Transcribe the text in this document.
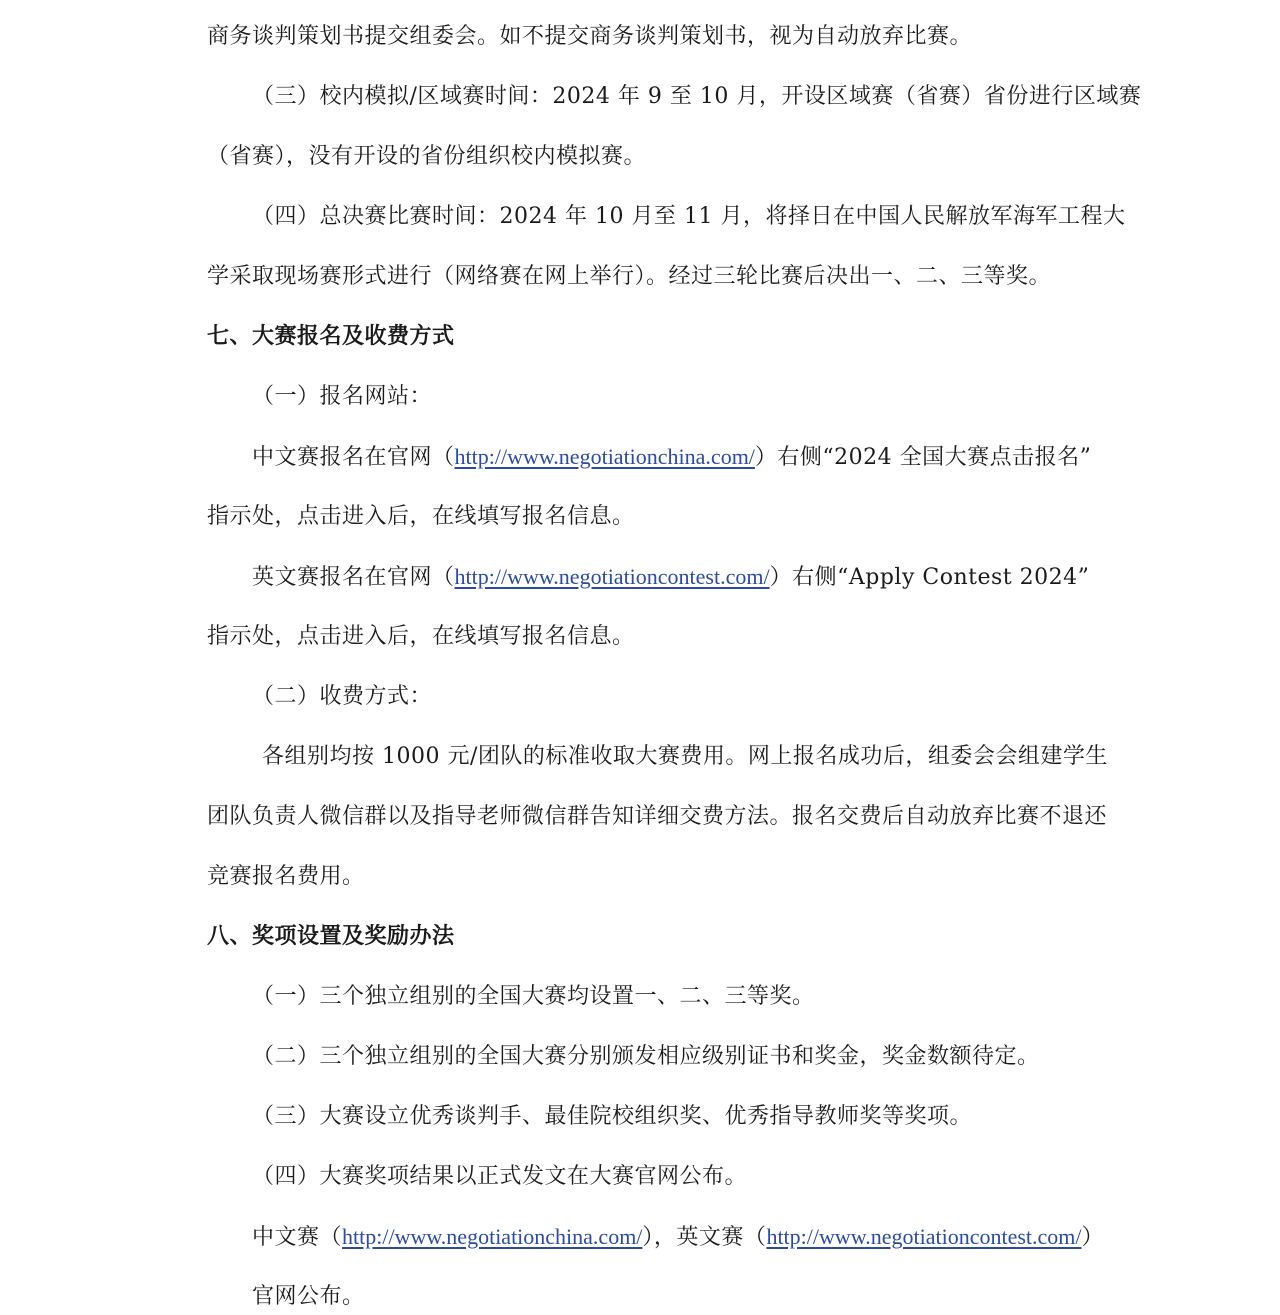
商务谈判策划书提交组委会。如不提交商务谈判策划书，视为自动放弃比赛。
（三）校内模拟/区域赛时间：2024 年 9 至 10 月，开设区域赛（省赛）省份进行区域赛
（省赛），没有开设的省份组织校内模拟赛。
（四）总决赛比赛时间：2024 年 10 月至 11 月，将择日在中国人民解放军海军工程大
学采取现场赛形式进行（网络赛在网上举行）。经过三轮比赛后决出一、二、三等奖。
七、大赛报名及收费方式
（一）报名网站：
中文赛报名在官网（http://www.negotiationchina.com/）右侧“2024 全国大赛点击报名”
指示处，点击进入后，在线填写报名信息。
英文赛报名在官网（http://www.negotiationcontest.com/）右侧“Apply Contest 2024”
指示处，点击进入后，在线填写报名信息。
（二）收费方式：
各组别均按 1000 元/团队的标准收取大赛费用。网上报名成功后，组委会会组建学生
团队负责人微信群以及指导老师微信群告知详细交费方法。报名交费后自动放弃比赛不退还
竞赛报名费用。
八、奖项设置及奖励办法
（一）三个独立组别的全国大赛均设置一、二、三等奖。
（二）三个独立组别的全国大赛分别颁发相应级别证书和奖金，奖金数额待定。
（三）大赛设立优秀谈判手、最佳院校组织奖、优秀指导教师奖等奖项。
（四）大赛奖项结果以正式发文在大赛官网公布。
中文赛（http://www.negotiationchina.com/），英文赛（http://www.negotiationcontest.com/）
官网公布。
